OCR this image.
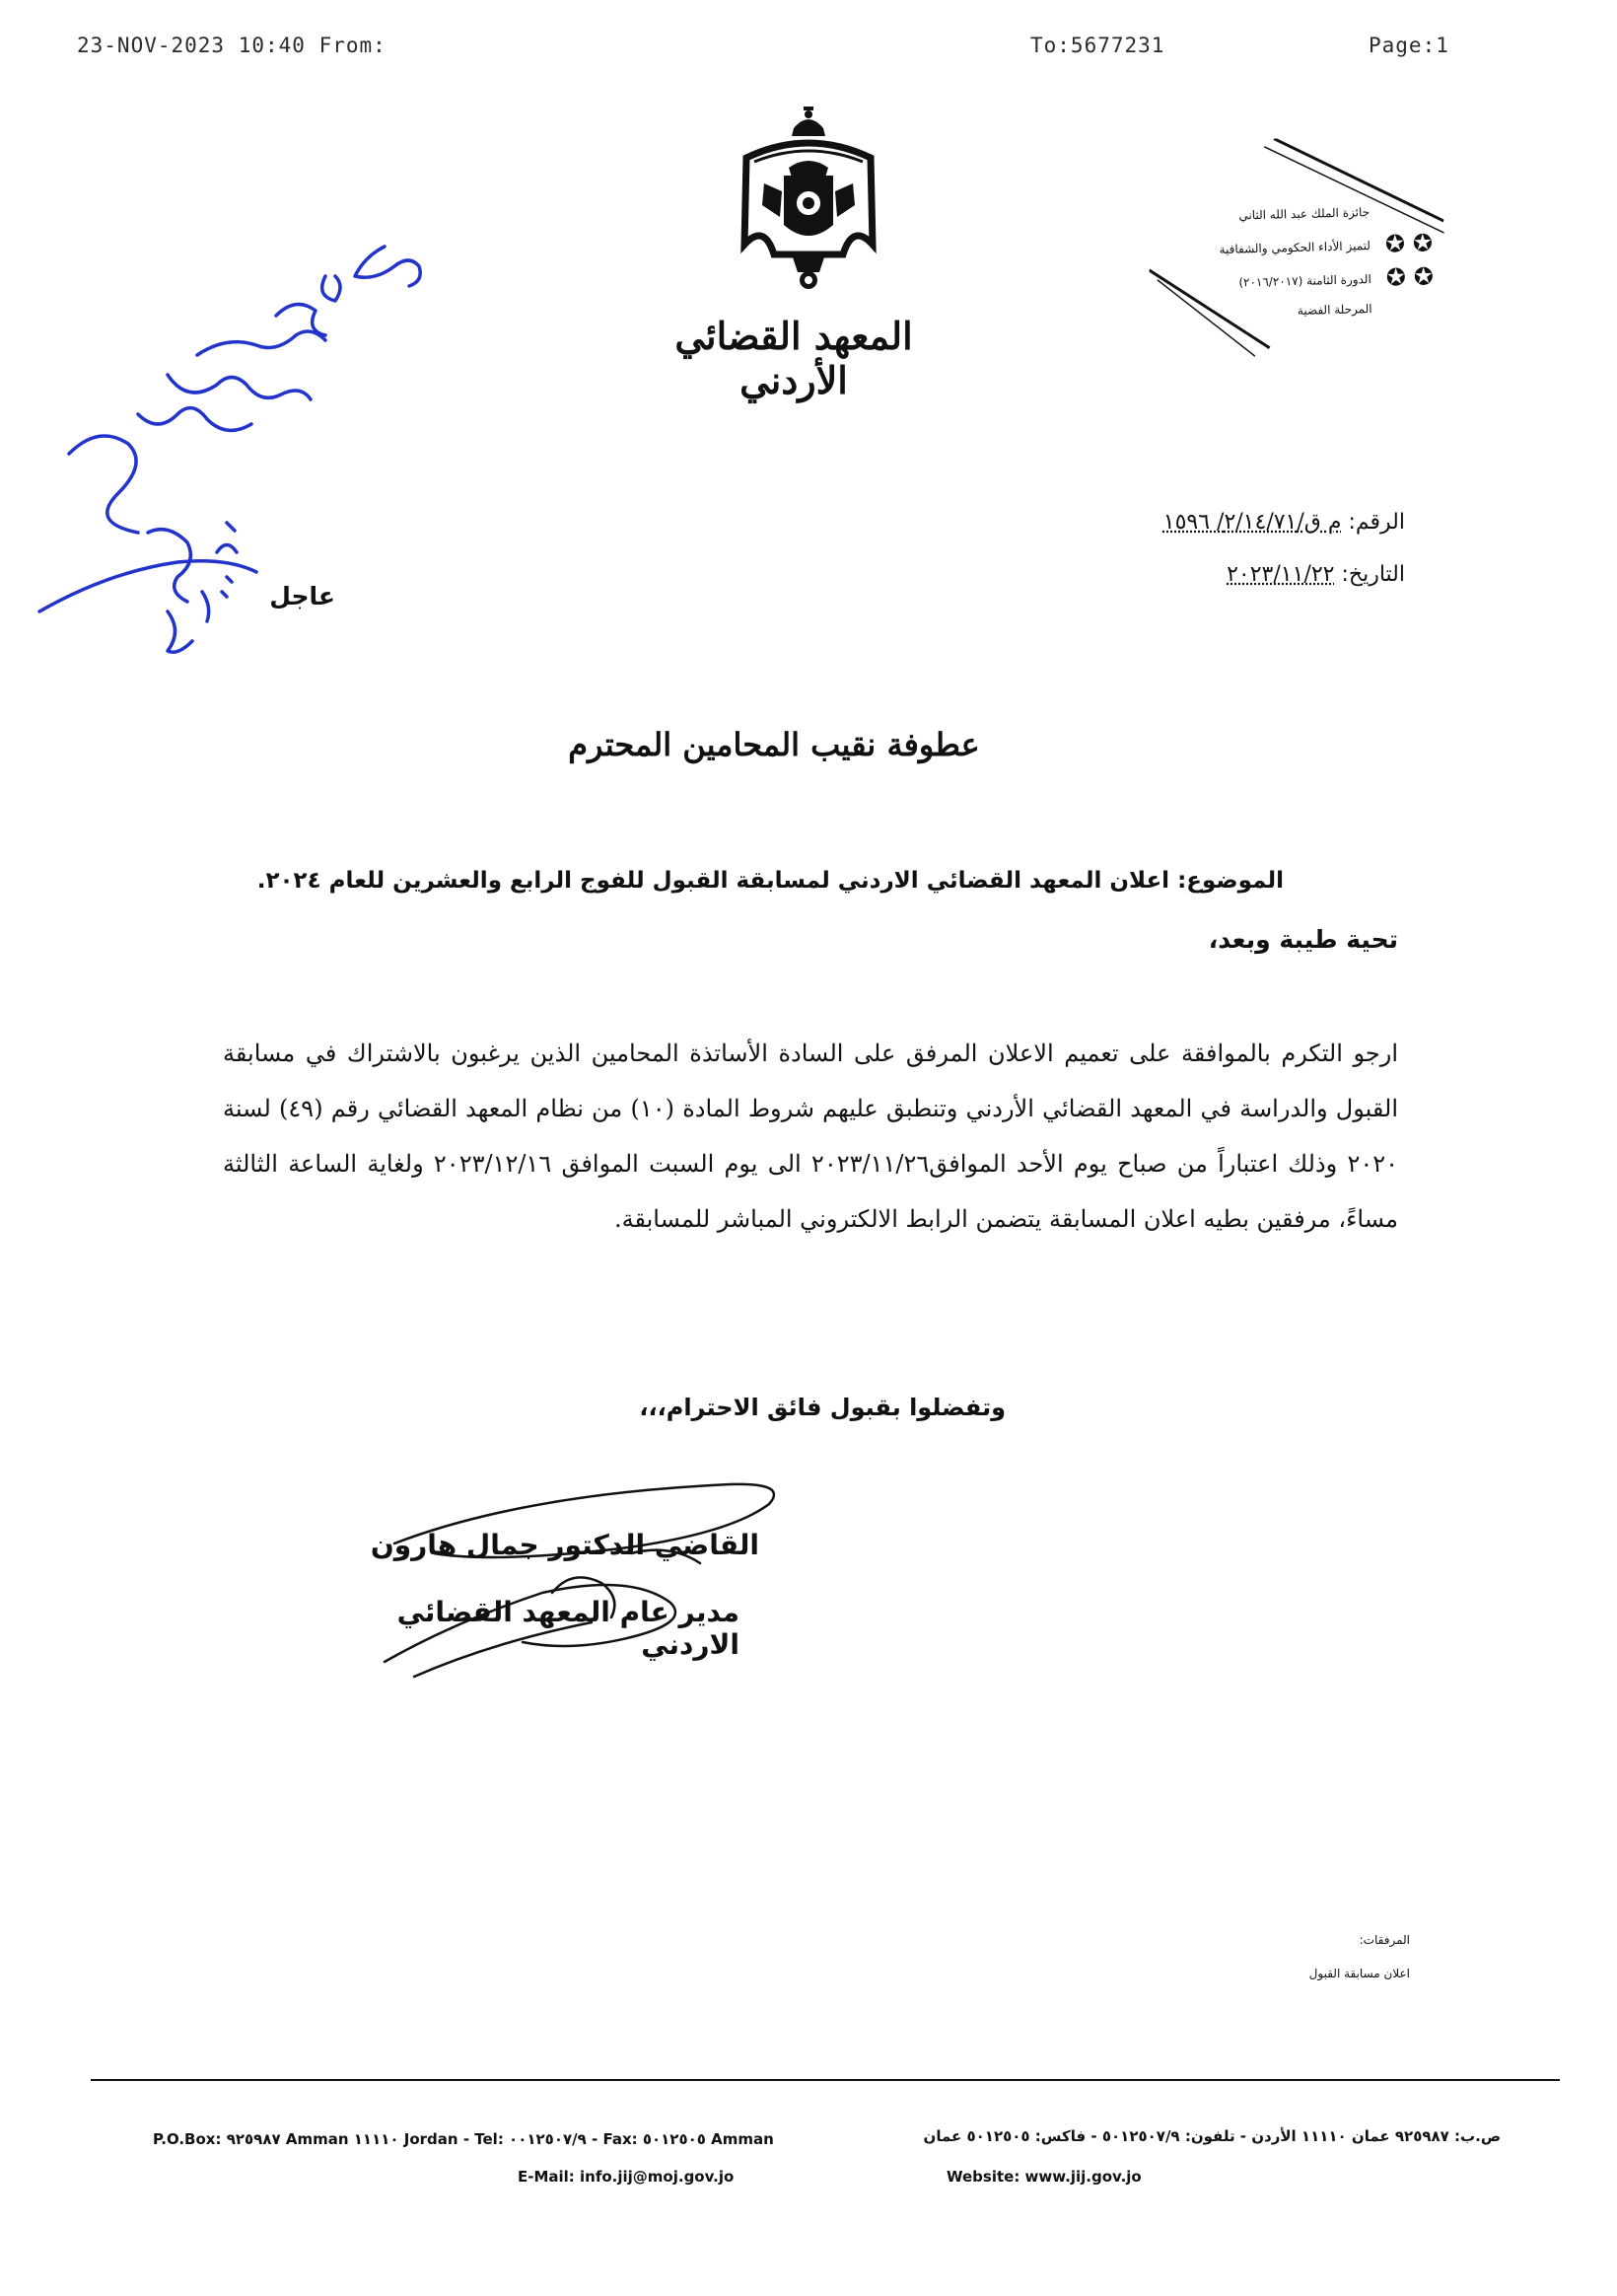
23-NOV-2023 10:40 From:	To:5677231	Page:1
المعهد القضائي الأردني
جائزة الملك عبد الله الثاني
لتميز الأداء الحكومي والشفافية
الدورة الثامنة (٢٠١٦/٢٠١٧)
المرحلة الفضية
✪ ✪
✪ ✪
الرقم: م ق/٢/١٤/٧١/ ١٥٩٦
التاريخ: ٢٠٢٣/١١/٢٢
عاجل
عطوفة نقيب المحامين المحترم
الموضوع: اعلان المعهد القضائي الاردني لمسابقة القبول للفوج الرابع والعشرين للعام ٢٠٢٤.
تحية طيبة وبعد،
ارجو التكرم بالموافقة على تعميم الاعلان المرفق على السادة الأساتذة المحامين الذين يرغبون بالاشتراك في مسابقة القبول والدراسة في المعهد القضائي الأردني وتنطبق عليهم شروط المادة (١٠) من نظام المعهد القضائي رقم (٤٩) لسنة ٢٠٢٠ وذلك اعتباراً من صباح يوم الأحد الموافق٢٠٢٣/١١/٢٦ الى يوم السبت الموافق ٢٠٢٣/١٢/١٦ ولغاية الساعة الثالثة مساءً، مرفقين بطيه اعلان المسابقة يتضمن الرابط الالكتروني المباشر للمسابقة.
وتفضلوا بقبول فائق الاحترام،،،
القاضي الدكتور جمال هارون
مدير عام المعهد القضائي الاردني
المرفقات:
اعلان مسابقة القبول
P.O.Box: ٩٢٥٩٨٧ Amman ١١١١٠ Jordan - Tel: ٠٠١٢٥٠٧/٩ - Fax: ٥٠١٢٥٠٥ Amman	ص.ب: ٩٢٥٩٨٧ عمان ١١١١٠ الأردن - تلفون: ٥٠١٢٥٠٧/٩ - فاكس: ٥٠١٢٥٠٥ عمان
E-Mail: info.jij@moj.gov.jo	Website: www.jij.gov.jo
